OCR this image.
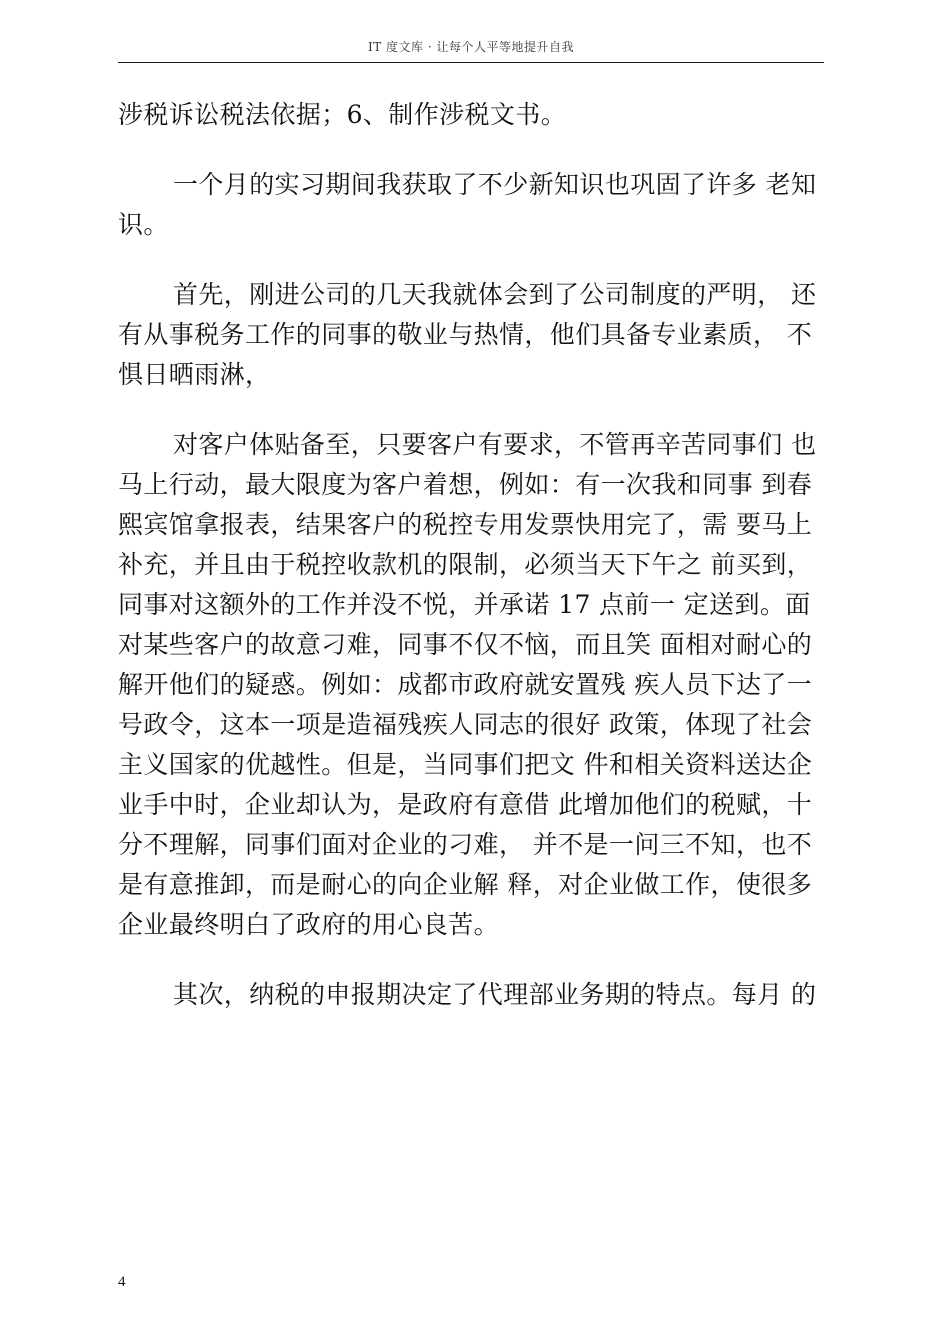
IT 度文库 · 让每个人平等地提升自我

涉税诉讼税法依据；6、制作涉税文书。

一个月的实习期间我获取了不少新知识也巩固了许多 老知
识。

首先，刚进公司的几天我就体会到了公司制度的严明， 还
有从事税务工作的同事的敬业与热情，他们具备专业素质， 不
惧日晒雨淋，

对客户体贴备至，只要客户有要求，不管再辛苦同事们 也
马上行动，最大限度为客户着想，例如：有一次我和同事 到春
熙宾馆拿报表，结果客户的税控专用发票快用完了，需 要马上
补充，并且由于税控收款机的限制，必须当天下午之 前买到，
同事对这额外的工作并没不悦，并承诺 17 点前一 定送到。面
对某些客户的故意刁难，同事不仅不恼，而且笑 面相对耐心的
解开他们的疑惑。例如：成都市政府就安置残 疾人员下达了一
号政令，这本一项是造福残疾人同志的很好 政策，体现了社会
主义国家的优越性。但是，当同事们把文 件和相关资料送达企
业手中时，企业却认为，是政府有意借 此增加他们的税赋，十
分不理解，同事们面对企业的刁难， 并不是一问三不知，也不
是有意推卸，而是耐心的向企业解 释，对企业做工作，使很多
企业最终明白了政府的用心良苦。

其次，纳税的申报期决定了代理部业务期的特点。每月 的

4
